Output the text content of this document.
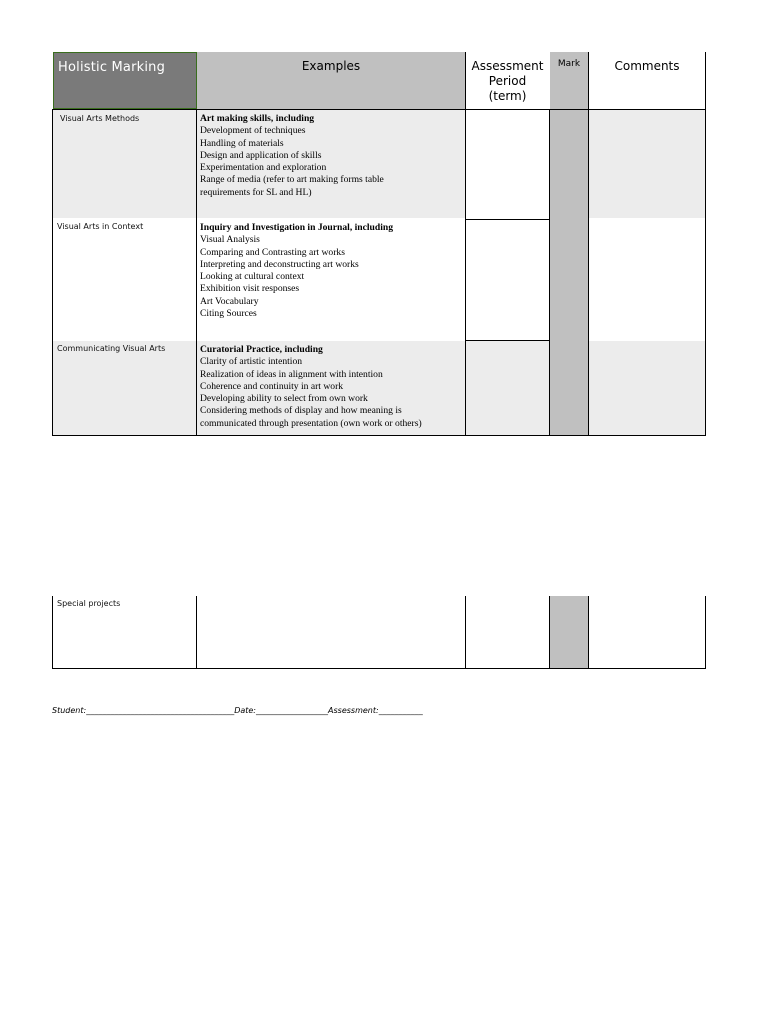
Holistic Marking	Examples	Assessment
Period
(term)
Mark	Comments
Visual Arts Methods	Art making skills, including
Development of techniques
Handling of materials
Design and application of skills
Experimentation and exploration
Range of media (refer to art making forms table
requirements for SL and HL)
Visual Arts in Context	Inquiry and Investigation in Journal, including
Visual Analysis
Comparing and Contrasting art works
Interpreting and deconstructing art works
Looking at cultural context
Exhibition visit responses
Art Vocabulary
Citing Sources
Communicating Visual Arts	Curatorial Practice, including
Clarity of artistic intention
Realization of ideas in alignment with intention
Coherence and continuity in art work
Developing ability to select from own work
Considering methods of display and how meaning is
communicated through presentation (own work or others)
Special projects
Student:_____________________________________Date:__________________Assessment:___________
